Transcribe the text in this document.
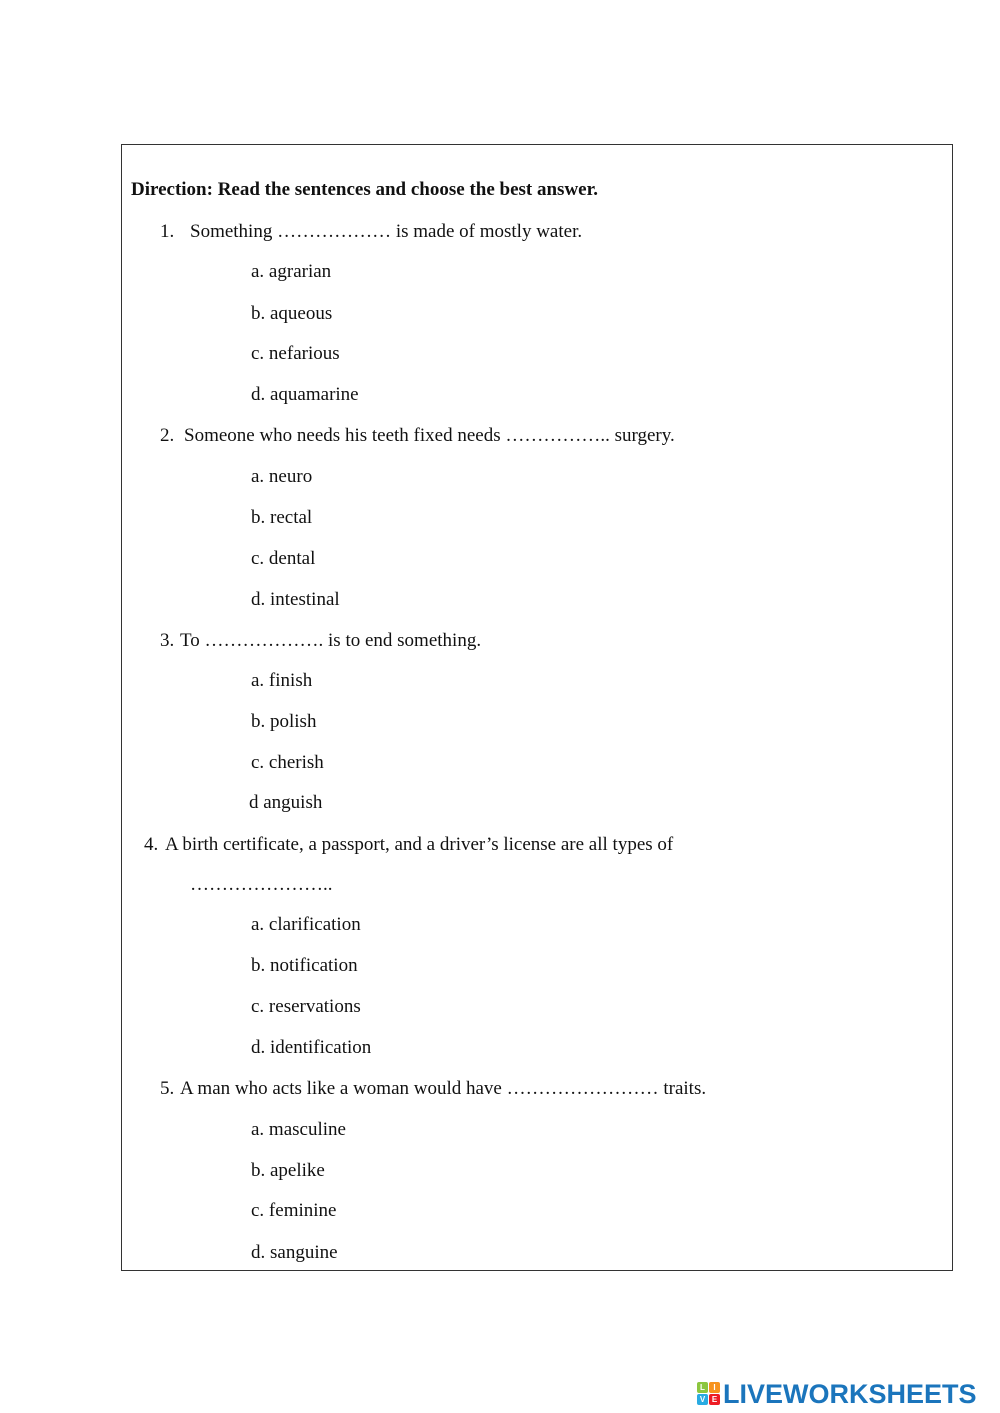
Direction: Read the sentences and choose the best answer.
1. Something ……………… is made of mostly water.
a. agrarian
b. aqueous
c. nefarious
d. aquamarine
2. Someone who needs his teeth fixed needs …………….. surgery.
a. neuro
b. rectal
c. dental
d. intestinal
3. To ………………. is to end something.
a. finish
b. polish
c. cherish
d anguish
4. A birth certificate, a passport, and a driver’s license are all types of
…………………..
a. clarification
b. notification
c. reservations
d. identification
5. A man who acts like a woman would have …………………… traits.
a. masculine
b. apelike
c. feminine
d. sanguine
L	I
V E LIVEWORKSHEETS
